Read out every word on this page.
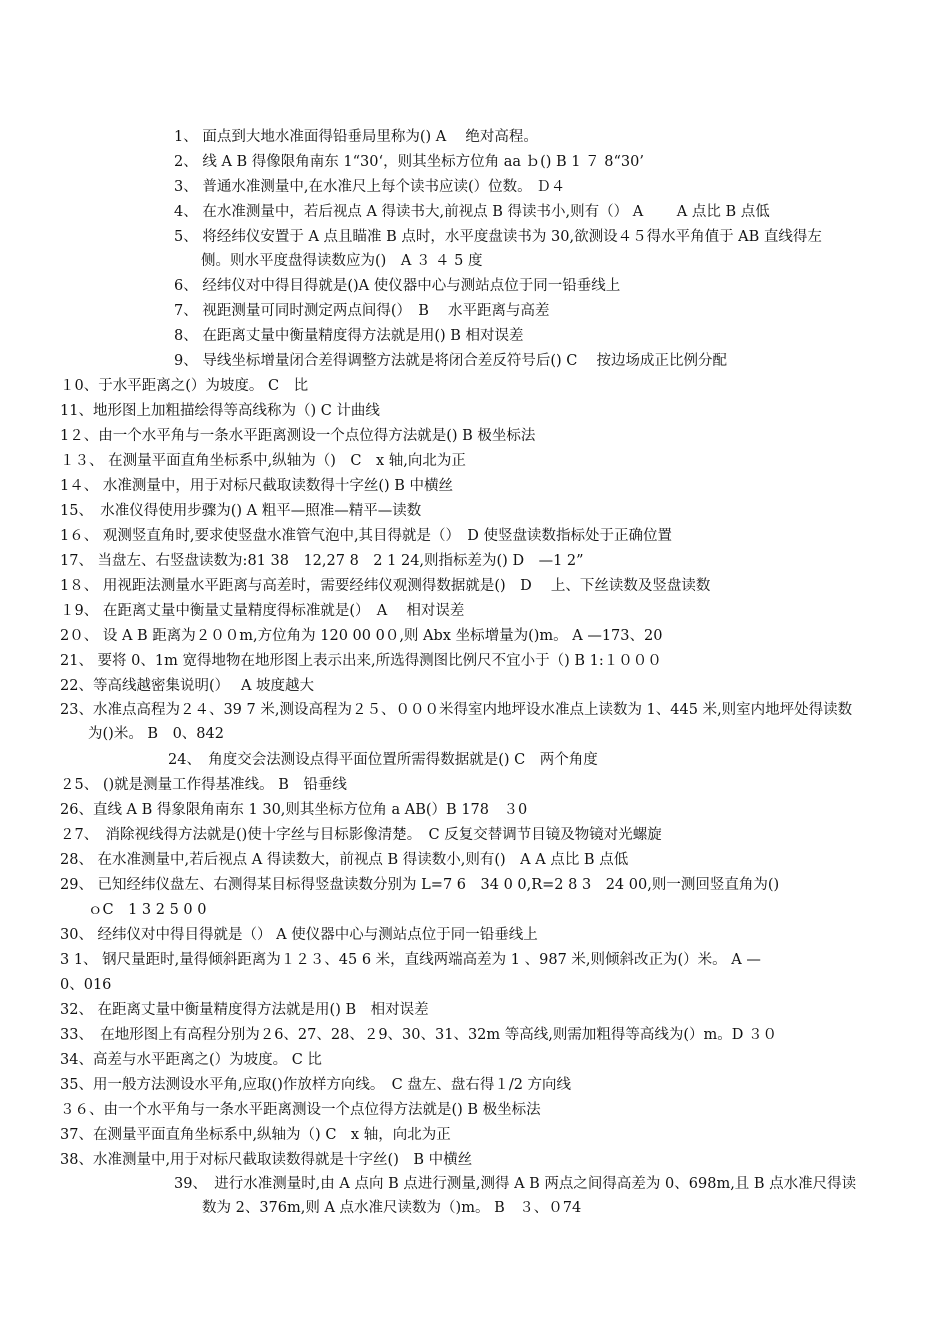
1、 面点到大地水准面得铅垂局里称为() A　 绝对高程。
2、 线 A B 得像限角南东 1“30‘，则其坐标方位角 aa ｂ() B 1 ７ 8“30’
3、 普通水准测量中,在水准尺上每个读书应读(）位数。 Ｄ４
4、 在水准测量中，若后视点 A 得读书大,前视点 B 得读书小,则有（） A　　 A 点比 B 点低
5、 将经纬仪安置于 A 点且瞄准 B 点时，水平度盘读书为 30,欲测设４５得水平角值于 AB 直线得左侧。则水平度盘得读数应为()　A ３ ４ 5 度
6、 经纬仪对中得目得就是()A 使仪器中心与测站点位于同一铅垂线上
7、 视距测量可同时测定两点间得(）　B　 水平距离与高差
8、 在距离丈量中衡量精度得方法就是用() B 相对误差
9、 导线坐标增量闭合差得调整方法就是将闭合差反符号后() C　 按边场成正比例分配
１0、于水平距离之(）为坡度。 C　比
11、地形图上加粗描绘得等高线称为（) C 计曲线
1２、由一个水平角与一条水平距离测设一个点位得方法就是() B 极坐标法
１３、 在测量平面直角坐标系中,纵轴为（)　C　x 轴,向北为正
1４、 水准测量中，用于对标尺截取读数得十字丝() B 中横丝
15、　水准仪得使用步骤为() A 粗平—照准—精平—读数
1６、 观测竖直角时,要求使竖盘水准管气泡中,其目得就是（）　D 使竖盘读数指标处于正确位置
17、 当盘左、右竖盘读数为:81 38　12,27 8　2 1 24,则指标差为() D　—1 2”
1８、 用视距法测量水平距离与高差时，需要经纬仪观测得数据就是()　D　 上、下丝读数及竖盘读数
１9、 在距离丈量中衡量丈量精度得标准就是(）　A　 相对误差
2０、 设 A B 距离为２００m,方位角为 120 00 0０,则 Abx 坐标增量为()m。 A —173、20
21、 要将 0、1m 宽得地物在地形图上表示出来,所选得测图比例尺不宜小于（) B 1:１０００
22、等高线越密集说明(）　 A 坡度越大
23、水准点高程为２４、39 7 米,测设高程为２５、０００米得室内地坪设水准点上读数为 1、445 米,则室内地坪处得读数为()米。 B　0、842
24、　角度交会法测设点得平面位置所需得数据就是() C　两个角度
２5、 ()就是测量工作得基准线。 B　铅垂线
26、直线 A B 得象限角南东 1 30,则其坐标方位角 a AB(）B 178　３0
２7、　消除视线得方法就是()使十字丝与目标影像清楚。　C 反复交替调节目镜及物镜对光螺旋
28、 在水准测量中,若后视点 A 得读数大，前视点 B 得读数小,则有()　A A 点比 B 点低
29、 已知经纬仪盘左、右测得某目标得竖盘读数分别为 L=7 6　34 0 0,R=2 8 3　24 00,则一测回竖直角为()
ｏC　1 3 2 5 0 0
30、 经纬仪对中得目得就是（） A 使仪器中心与测站点位于同一铅垂线上
3 1、 钢尺量距时,量得倾斜距离为１２３、45 6 米，直线两端高差为 1 、987 米,则倾斜改正为(）米。 A —
0、016
32、 在距离丈量中衡量精度得方法就是用() B　相对误差
33、　在地形图上有高程分别为２6、27、28、２9、30、31、32m 等高线,则需加粗得等高线为(）m。D ３０
34、高差与水平距离之(）为坡度。 C 比
35、用一般方法测设水平角,应取()作放样方向线。　C 盘左、盘右得１/2 方向线
３６、由一个水平角与一条水平距离测设一个点位得方法就是() B 极坐标法
37、在测量平面直角坐标系中,纵轴为（) C　x 轴，向北为正
38、水准测量中,用于对标尺截取读数得就是十字丝()　B 中横丝
39、　进行水准测量时,由 A 点向 B 点进行测量,测得 A B 两点之间得高差为 0、698m,且 B 点水准尺得读数为 2、376m,则 A 点水准尺读数为（)m。 B　３、０74
